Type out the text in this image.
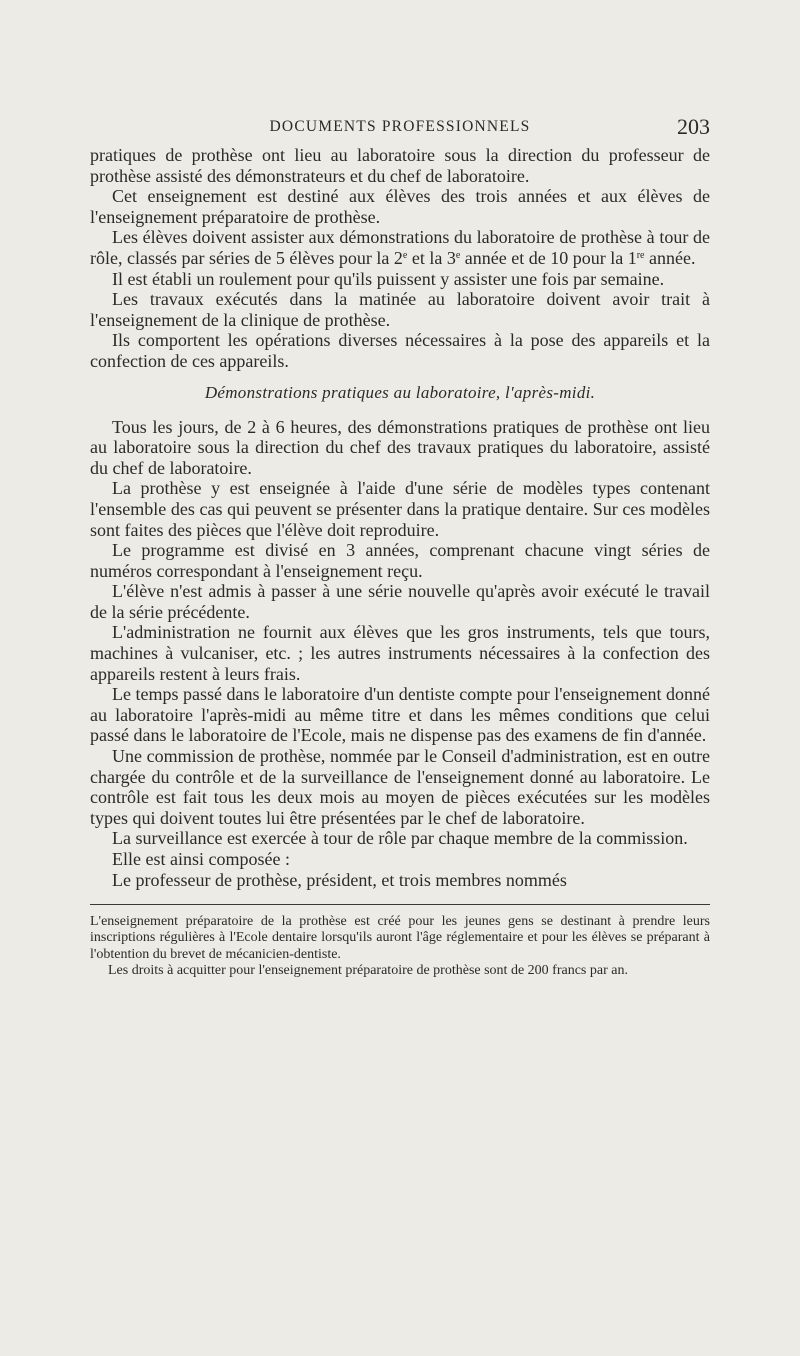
DOCUMENTS PROFESSIONNELS	203

pratiques de prothèse ont lieu au laboratoire sous la direction du professeur de prothèse assisté des démonstrateurs et du chef de laboratoire.

Cet enseignement est destiné aux élèves des trois années et aux élèves de l'enseignement préparatoire de prothèse.

Les élèves doivent assister aux démonstrations du laboratoire de prothèse à tour de rôle, classés par séries de 5 élèves pour la 2e et la 3e année et de 10 pour la 1re année.

Il est établi un roulement pour qu'ils puissent y assister une fois par semaine.

Les travaux exécutés dans la matinée au laboratoire doivent avoir trait à l'enseignement de la clinique de prothèse.

Ils comportent les opérations diverses nécessaires à la pose des appareils et la confection de ces appareils.

Démonstrations pratiques au laboratoire, l'après-midi.

Tous les jours, de 2 à 6 heures, des démonstrations pratiques de prothèse ont lieu au laboratoire sous la direction du chef des travaux pratiques du laboratoire, assisté du chef de laboratoire.

La prothèse y est enseignée à l'aide d'une série de modèles types contenant l'ensemble des cas qui peuvent se présenter dans la pratique dentaire. Sur ces modèles sont faites des pièces que l'élève doit reproduire.

Le programme est divisé en 3 années, comprenant chacune vingt séries de numéros correspondant à l'enseignement reçu.

L'élève n'est admis à passer à une série nouvelle qu'après avoir exécuté le travail de la série précédente.

L'administration ne fournit aux élèves que les gros instruments, tels que tours, machines à vulcaniser, etc. ; les autres instruments nécessaires à la confection des appareils restent à leurs frais.

Le temps passé dans le laboratoire d'un dentiste compte pour l'enseignement donné au laboratoire l'après-midi au même titre et dans les mêmes conditions que celui passé dans le laboratoire de l'Ecole, mais ne dispense pas des examens de fin d'année.

Une commission de prothèse, nommée par le Conseil d'administration, est en outre chargée du contrôle et de la surveillance de l'enseignement donné au laboratoire. Le contrôle est fait tous les deux mois au moyen de pièces exécutées sur les modèles types qui doivent toutes lui être présentées par le chef de laboratoire.

La surveillance est exercée à tour de rôle par chaque membre de la commission.

Elle est ainsi composée :

Le professeur de prothèse, président, et trois membres nommés

L'enseignement préparatoire de la prothèse est créé pour les jeunes gens se destinant à prendre leurs inscriptions régulières à l'Ecole dentaire lorsqu'ils auront l'âge réglementaire et pour les élèves se préparant à l'obtention du brevet de mécanicien-dentiste.

Les droits à acquitter pour l'enseignement préparatoire de prothèse sont de 200 francs par an.
